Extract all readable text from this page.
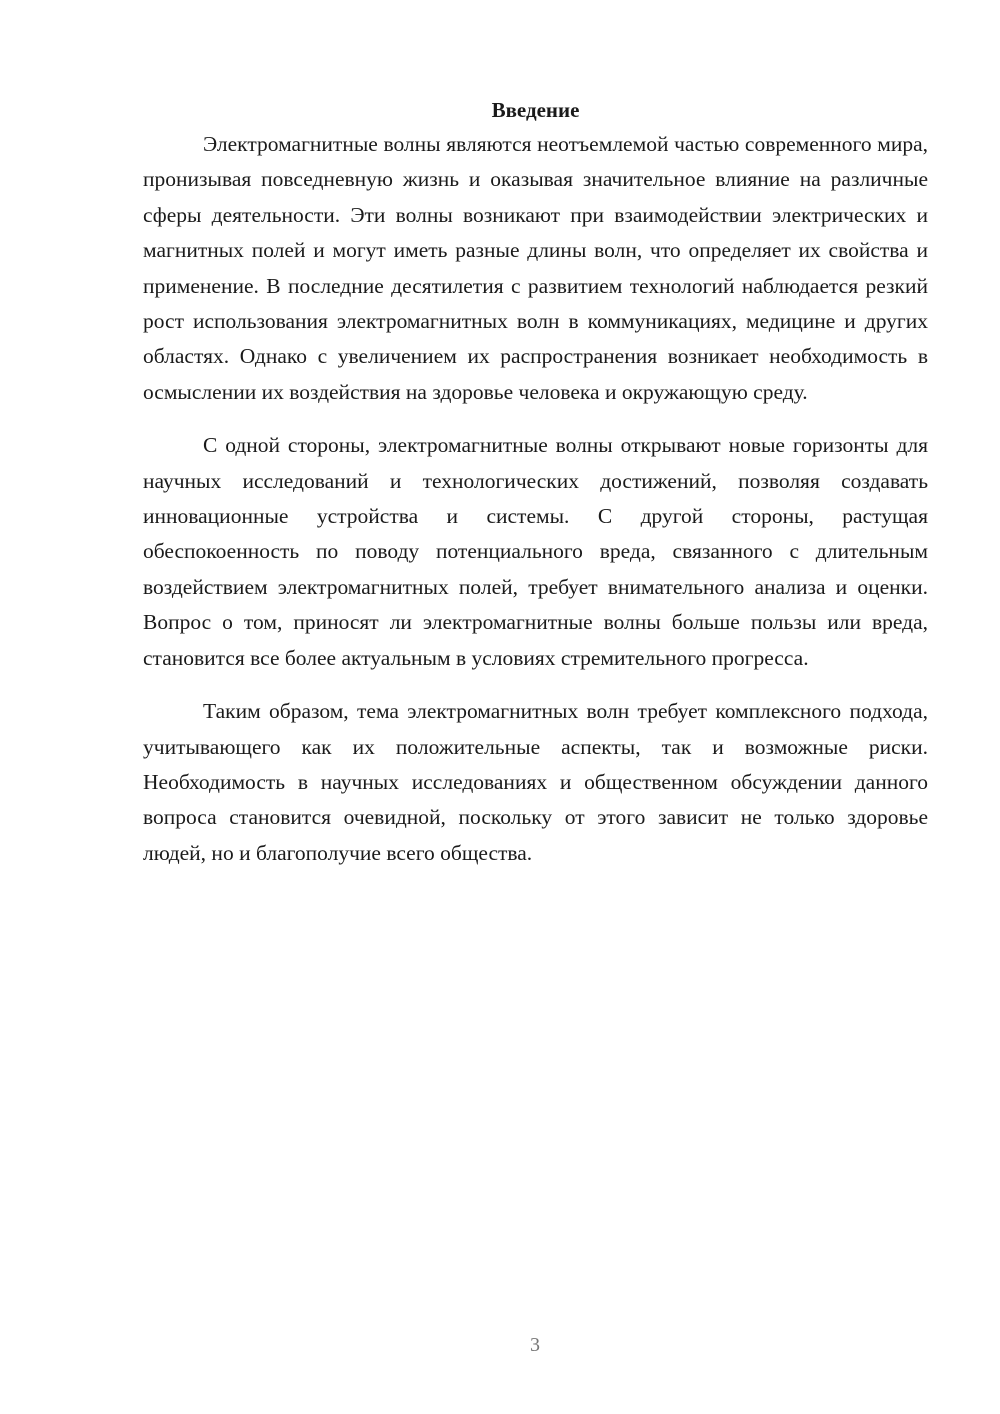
Введение

Электромагнитные волны являются неотъемлемой частью современного мира, пронизывая повседневную жизнь и оказывая значительное влияние на различные сферы деятельности. Эти волны возникают при взаимодействии электрических и магнитных полей и могут иметь разные длины волн, что определяет их свойства и применение. В последние десятилетия с развитием технологий наблюдается резкий рост использования электромагнитных волн в коммуникациях, медицине и других областях. Однако с увеличением их распространения возникает необходимость в осмыслении их воздействия на здоровье человека и окружающую среду.

С одной стороны, электромагнитные волны открывают новые горизонты для научных исследований и технологических достижений, позволяя создавать инновационные устройства и системы. С другой стороны, растущая обеспокоенность по поводу потенциального вреда, связанного с длительным воздействием электромагнитных полей, требует внимательного анализа и оценки. Вопрос о том, приносят ли электромагнитные волны больше пользы или вреда, становится все более актуальным в условиях стремительного прогресса.

Таким образом, тема электромагнитных волн требует комплексного подхода, учитывающего как их положительные аспекты, так и возможные риски. Необходимость в научных исследованиях и общественном обсуждении данного вопроса становится очевидной, поскольку от этого зависит не только здоровье людей, но и благополучие всего общества.

3
